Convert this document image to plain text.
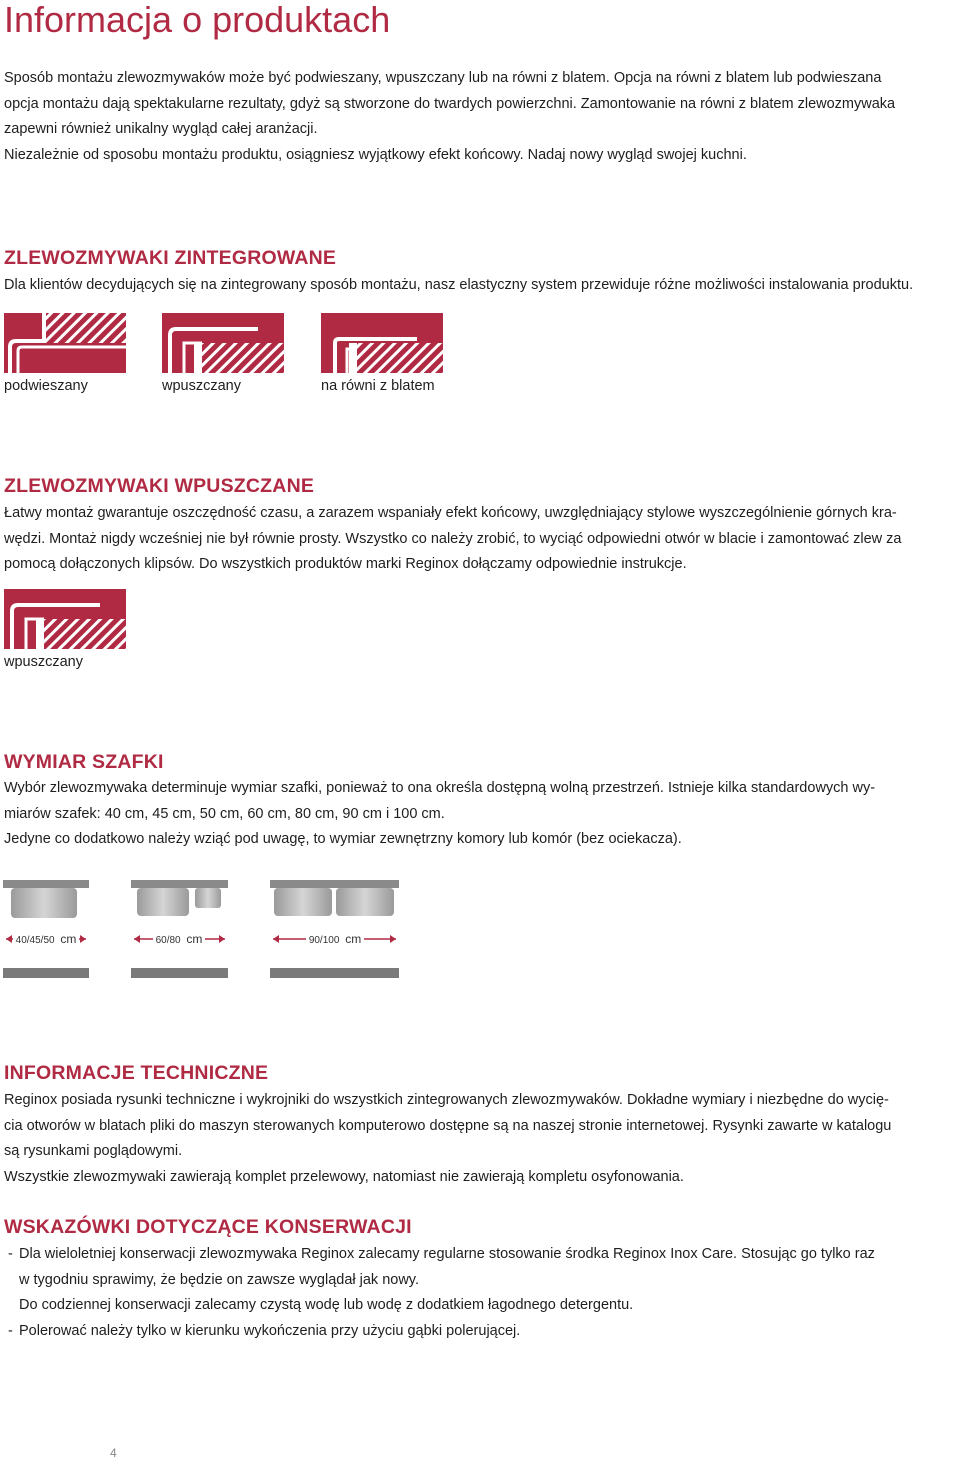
Informacja o produktach
Sposób montażu zlewozmywaków może być podwieszany, wpuszczany lub na równi z blatem. Opcja na równi z blatem lub podwieszana
opcja montażu dają spektakularne rezultaty, gdyż są stworzone do twardych powierzchni. Zamontowanie na równi z blatem zlewozmywaka
zapewni również unikalny wygląd całej aranżacji.
Niezależnie od sposobu montażu produktu, osiągniesz wyjątkowy efekt końcowy. Nadaj nowy wygląd swojej kuchni.
ZLEWOZMYWAKI ZINTEGROWANE
Dla klientów decydujących się na zintegrowany sposób montażu, nasz elastyczny system przewiduje różne możliwości instalowania produktu.
podwieszany	wpuszczany	na równi z blatem
ZLEWOZMYWAKI WPUSZCZANE
Łatwy montaż gwarantuje oszczędność czasu, a zarazem wspaniały efekt końcowy, uwzględniający stylowe wyszczególnienie górnych kra-
wędzi. Montaż nigdy wcześniej nie był równie prosty. Wszystko co należy zrobić, to wyciąć odpowiedni otwór w blacie i zamontować zlew za
pomocą dołączonych klipsów. Do wszystkich produktów marki Reginox dołączamy odpowiednie instrukcje.
wpuszczany
WYMIAR SZAFKI
Wybór zlewozmywaka determinuje wymiar szafki, ponieważ to ona określa dostępną wolną przestrzeń. Istnieje kilka standardowych wy-
miarów szafek: 40 cm, 45 cm, 50 cm, 60 cm, 80 cm, 90 cm i 100 cm.
Jedyne co dodatkowo należy wziąć pod uwagę, to wymiar zewnętrzny komory lub komór (bez ociekacza).
40/45/50 cm	60/80 cm	90/100 cm
INFORMACJE TECHNICZNE
Reginox posiada rysunki techniczne i wykrojniki do wszystkich zintegrowanych zlewozmywaków. Dokładne wymiary i niezbędne do wycię-
cia otworów w blatach pliki do maszyn sterowanych komputerowo dostępne są na naszej stronie internetowej. Rysynki zawarte w katalogu
są rysunkami poglądowymi.
Wszystkie zlewozmywaki zawierają komplet przelewowy, natomiast nie zawierają kompletu osyfonowania.
WSKAZÓWKI DOTYCZĄCE KONSERWACJI
- Dla wieloletniej konserwacji zlewozmywaka Reginox zalecamy regularne stosowanie środka Reginox Inox Care. Stosując go tylko raz
w tygodniu sprawimy, że będzie on zawsze wyglądał jak nowy.
Do codziennej konserwacji zalecamy czystą wodę lub wodę z dodatkiem łagodnego detergentu.
- Polerować należy tylko w kierunku wykończenia przy użyciu gąbki polerującej.
4
